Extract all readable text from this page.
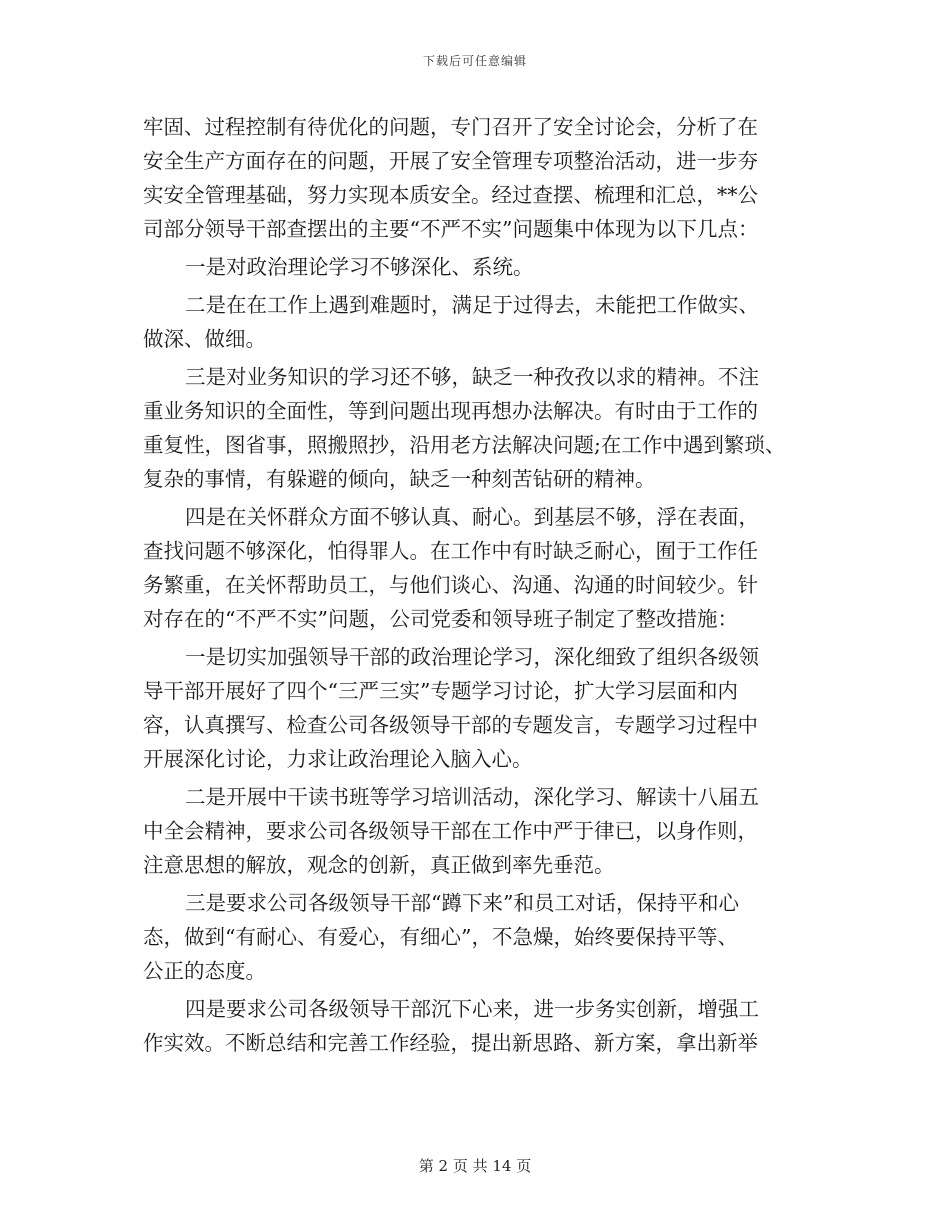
下载后可任意编辑
牢固、过程控制有待优化的问题，专门召开了安全讨论会，分析了在
安全生产方面存在的问题，开展了安全管理专项整治活动，进一步夯
实安全管理基础，努力实现本质安全。经过查摆、梳理和汇总，**公
司部分领导干部查摆出的主要“不严不实”问题集中体现为以下几点：
一是对政治理论学习不够深化、系统。
二是在在工作上遇到难题时，满足于过得去，未能把工作做实、
做深、做细。
三是对业务知识的学习还不够，缺乏一种孜孜以求的精神。不注
重业务知识的全面性，等到问题出现再想办法解决。有时由于工作的
重复性，图省事，照搬照抄，沿用老方法解决问题;在工作中遇到繁琐、
复杂的事情，有躲避的倾向，缺乏一种刻苦钻研的精神。
四是在关怀群众方面不够认真、耐心。到基层不够，浮在表面，
查找问题不够深化，怕得罪人。在工作中有时缺乏耐心，囿于工作任
务繁重，在关怀帮助员工，与他们谈心、沟通、沟通的时间较少。针
对存在的“不严不实”问题，公司党委和领导班子制定了整改措施：
一是切实加强领导干部的政治理论学习，深化细致了组织各级领
导干部开展好了四个“三严三实”专题学习讨论，扩大学习层面和内
容，认真撰写、检查公司各级领导干部的专题发言，专题学习过程中
开展深化讨论，力求让政治理论入脑入心。
二是开展中干读书班等学习培训活动，深化学习、解读十八届五
中全会精神，要求公司各级领导干部在工作中严于律已，以身作则，
注意思想的解放，观念的创新，真正做到率先垂范。
三是要求公司各级领导干部“蹲下来”和员工对话，保持平和心
态，做到“有耐心、有爱心，有细心”，不急燥，始终要保持平等、
公正的态度。
四是要求公司各级领导干部沉下心来，进一步务实创新，增强工
作实效。不断总结和完善工作经验，提出新思路、新方案，拿出新举
第 2 页 共 14 页
